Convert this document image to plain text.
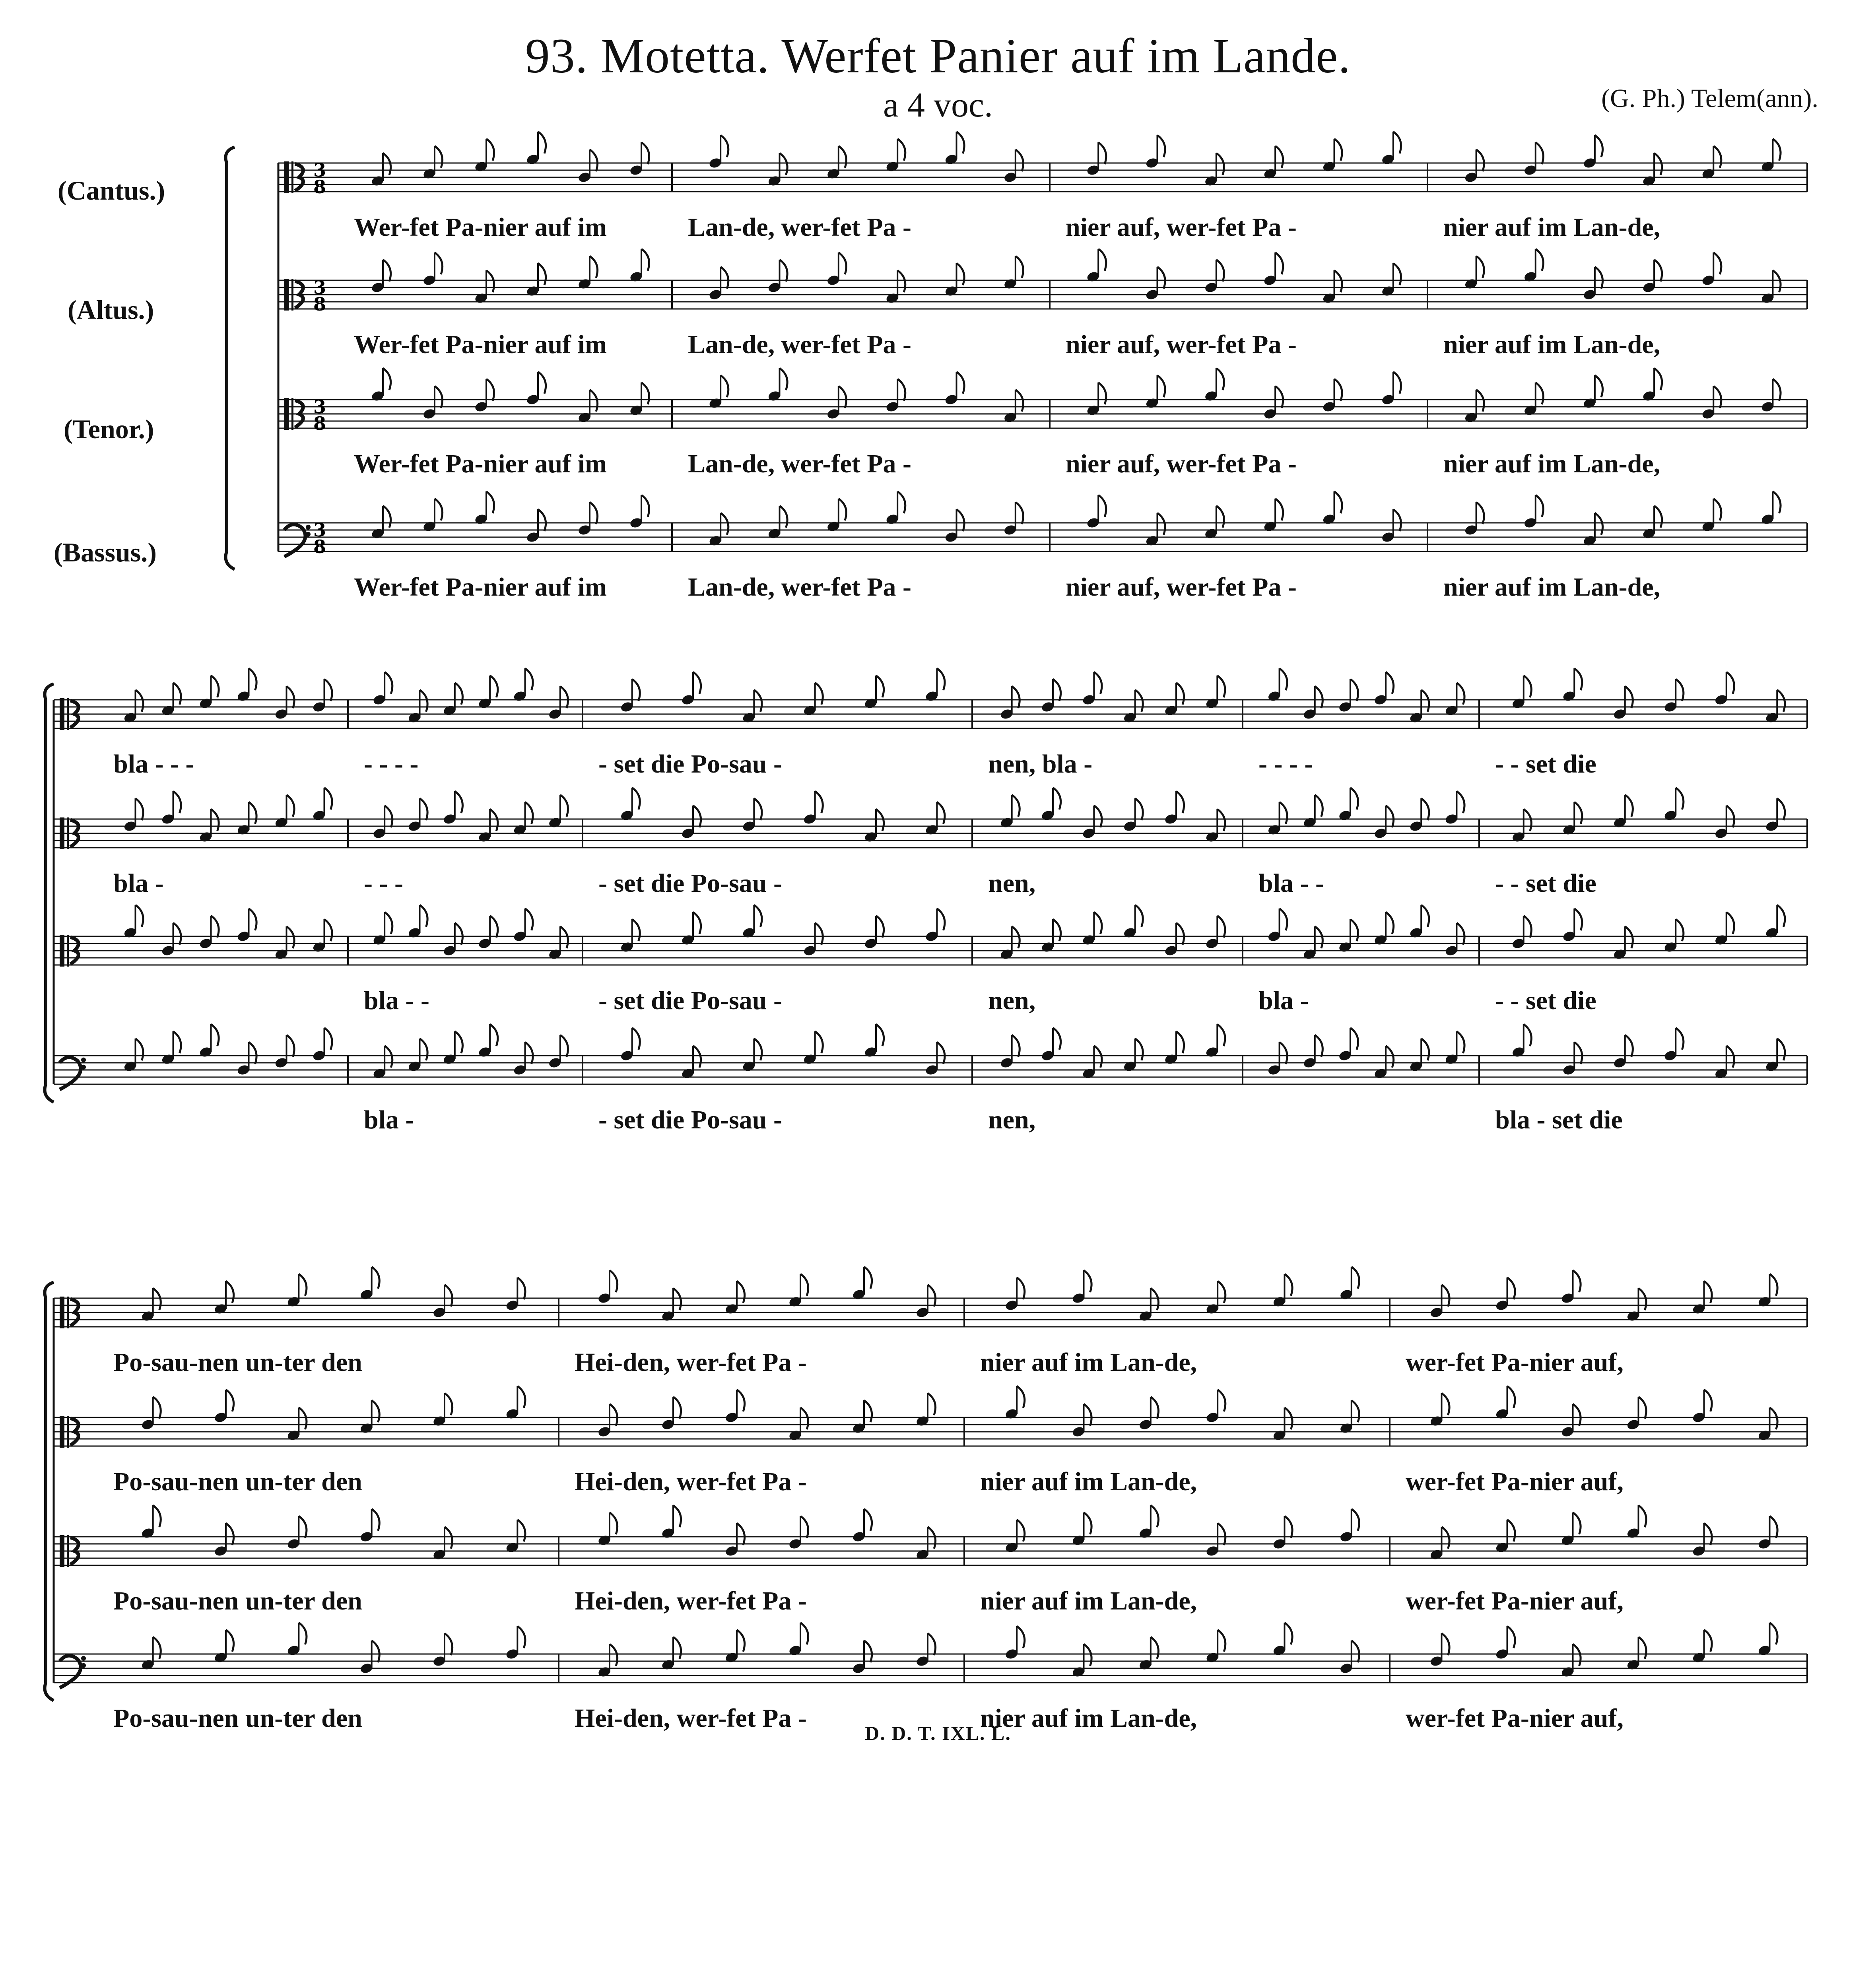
93. Motetta. Werfet Panier auf im Lande.
a 4 voc.	(G. Ph.) Telem(ann).
(Cantus.)
(Altus.)
(Tenor.)
(Bassus.)
3
8
3
8
3
8
3
8
Wer-fet Pa-nier auf im	Lan-de, wer-fet Pa -	nier auf, wer-fet Pa -	nier auf im Lan-de,
Wer-fet Pa-nier auf im	Lan-de, wer-fet Pa -	nier auf, wer-fet Pa -	nier auf im Lan-de,
Wer-fet Pa-nier auf im	Lan-de, wer-fet Pa -	nier auf, wer-fet Pa -	nier auf im Lan-de,
Wer-fet Pa-nier auf im	Lan-de, wer-fet Pa -	nier auf, wer-fet Pa -	nier auf im Lan-de,
bla - - -	- - - -	- set die Po-sau -	nen, bla -	- - - -	- - set die
bla -	- - -	- set die Po-sau -	nen,	bla - -	- - set die
bla - -	- set die Po-sau -	nen,	bla -	- - set die
bla -	- set die Po-sau -	nen,	bla - set die
Po-sau-nen un-ter den	Hei-den, wer-fet Pa -	nier auf im Lan-de,	wer-fet Pa-nier auf,
Po-sau-nen un-ter den	Hei-den, wer-fet Pa -	nier auf im Lan-de,	wer-fet Pa-nier auf,
Po-sau-nen un-ter den	Hei-den, wer-fet Pa -	nier auf im Lan-de,	wer-fet Pa-nier auf,
Po-sau-nen un-ter den	Hei-den, wer-fet Pa -	nier auf im Lan-de,	wer-fet Pa-nier auf,
D. D. T. IXL. L.
